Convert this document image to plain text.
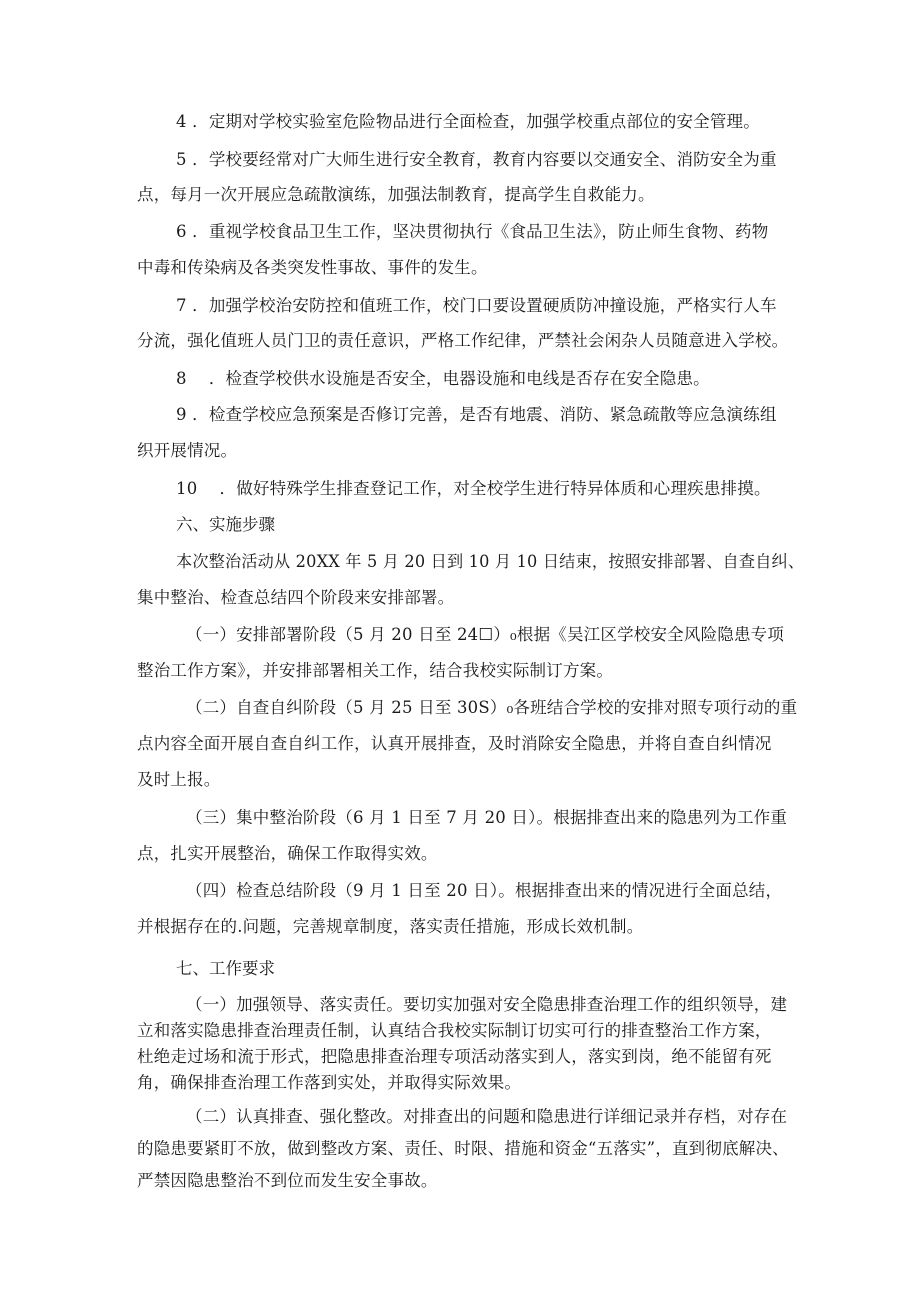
4 ．定期对学校实验室危险物品进行全面检查，加强学校重点部位的安全管理。
5 ．学校要经常对广大师生进行安全教育，教育内容要以交通安全、消防安全为重
点，每月一次开展应急疏散演练，加强法制教育，提高学生自救能力。
6 ．重视学校食品卫生工作，坚决贯彻执行《食品卫生法》，防止师生食物、药物
中毒和传染病及各类突发性事故、事件的发生。
7 ．加强学校治安防控和值班工作，校门口要设置硬质防冲撞设施，严格实行人车
分流，强化值班人员门卫的责任意识，严格工作纪律，严禁社会闲杂人员随意进入学校。
8　 ．检查学校供水设施是否安全，电器设施和电线是否存在安全隐患。
9 ．检查学校应急预案是否修订完善，是否有地震、消防、紧急疏散等应急演练组
织开展情况。
10　 ．做好特殊学生排查登记工作，对全校学生进行特异体质和心理疾患排摸。
六、实施步骤
本次整治活动从 20XX 年 5 月 20 日到 10 月 10 日结束，按照安排部署、自查自纠、
集中整治、检查总结四个阶段来安排部署。
（一）安排部署阶段（5 月 20 日至 24☐）₀根据《吴江区学校安全风险隐患专项
整治工作方案》，并安排部署相关工作，结合我校实际制订方案。
（二）自查自纠阶段（5 月 25 日至 30S）₀各班结合学校的安排对照专项行动的重
点内容全面开展自查自纠工作，认真开展排查，及时消除安全隐患，并将自查自纠情况
及时上报。
（三）集中整治阶段（6 月 1 日至 7 月 20 日）。根据排查出来的隐患列为工作重
点，扎实开展整治，确保工作取得实效。
（四）检查总结阶段（9 月 1 日至 20 日）。根据排查出来的情况进行全面总结，
并根据存在的.问题，完善规章制度，落实责任措施，形成长效机制。
七、工作要求
（一）加强领导、落实责任。要切实加强对安全隐患排查治理工作的组织领导，建
立和落实隐患排查治理责任制，认真结合我校实际制订切实可行的排查整治工作方案，
杜绝走过场和流于形式，把隐患排查治理专项活动落实到人，落实到岗，绝不能留有死
角，确保排查治理工作落到实处，并取得实际效果。
（二）认真排查、强化整改。对排查出的问题和隐患进行详细记录并存档，对存在
的隐患要紧盯不放，做到整改方案、责任、时限、措施和资金“五落实”，直到彻底解决、
严禁因隐患整治不到位而发生安全事故。
